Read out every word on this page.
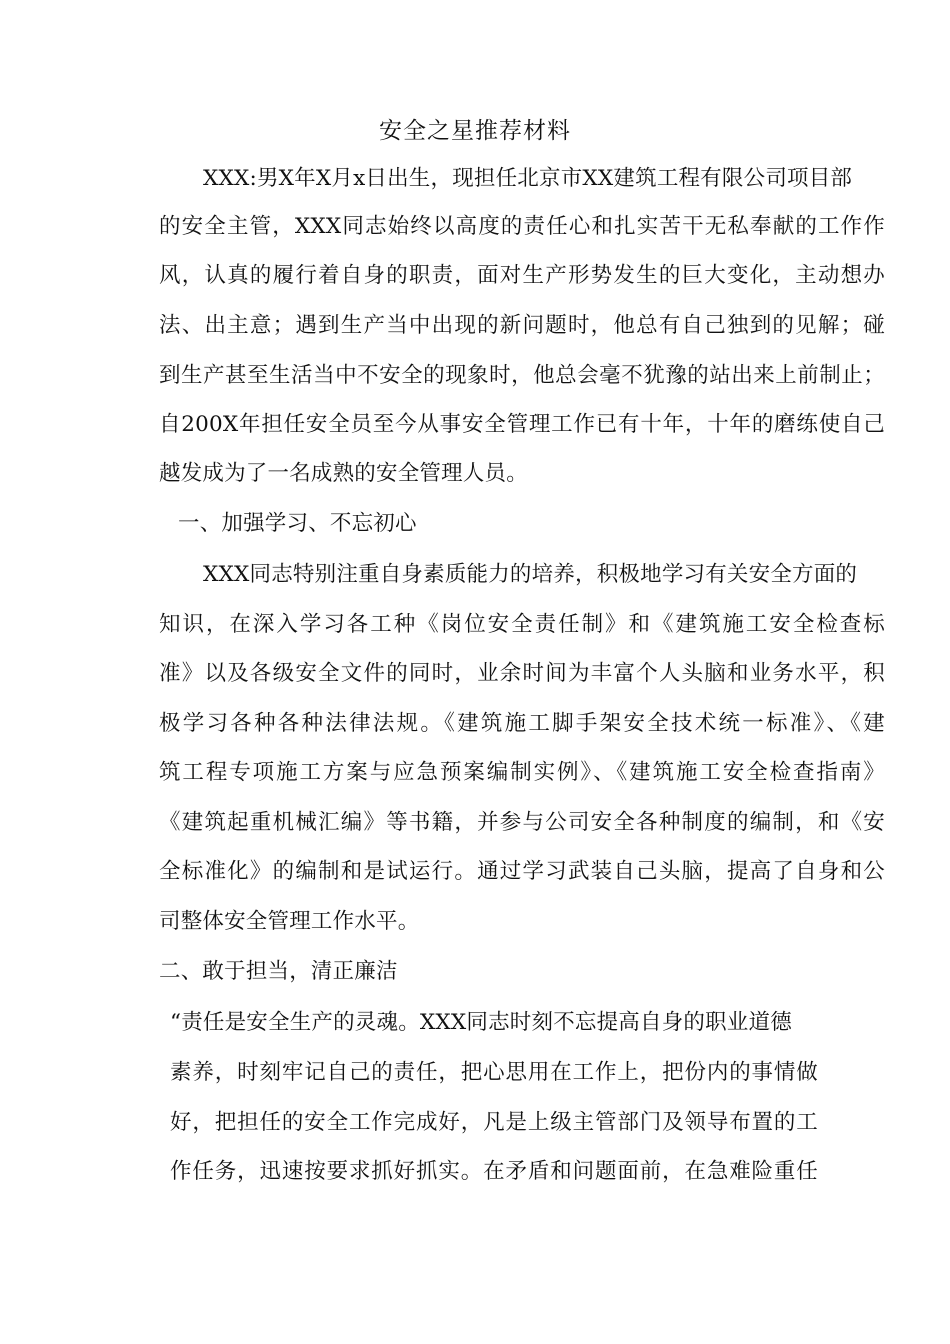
安全之星推荐材料

XXX:男X年X月x日出生，现担任北京市XX建筑工程有限公司项目部

的安全主管，XXX同志始终以高度的责任心和扎实苦干无私奉献的工作作

风，认真的履行着自身的职责，面对生产形势发生的巨大变化，主动想办

法、出主意；遇到生产当中出现的新问题时，他总有自己独到的见解；碰

到生产甚至生活当中不安全的现象时，他总会毫不犹豫的站出来上前制止；

自200X年担任安全员至今从事安全管理工作已有十年，十年的磨练使自己

越发成为了一名成熟的安全管理人员。

一、加强学习、不忘初心

XXX同志特别注重自身素质能力的培养，积极地学习有关安全方面的

知识，在深入学习各工种《岗位安全责任制》和《建筑施工安全检查标

准》以及各级安全文件的同时，业余时间为丰富个人头脑和业务水平，积

极学习各种各种法律法规。《建筑施工脚手架安全技术统一标准》、《建

筑工程专项施工方案与应急预案编制实例》、《建筑施工安全检查指南》

《建筑起重机械汇编》等书籍，并参与公司安全各种制度的编制，和《安

全标准化》的编制和是试运行。通过学习武装自己头脑，提高了自身和公

司整体安全管理工作水平。

二、敢于担当，清正廉洁

“责任是安全生产的灵魂。XXX同志时刻不忘提高自身的职业道德

素养，时刻牢记自己的责任，把心思用在工作上，把份内的事情做

好，把担任的安全工作完成好，凡是上级主管部门及领导布置的工

作任务，迅速按要求抓好抓实。在矛盾和问题面前，在急难险重任
